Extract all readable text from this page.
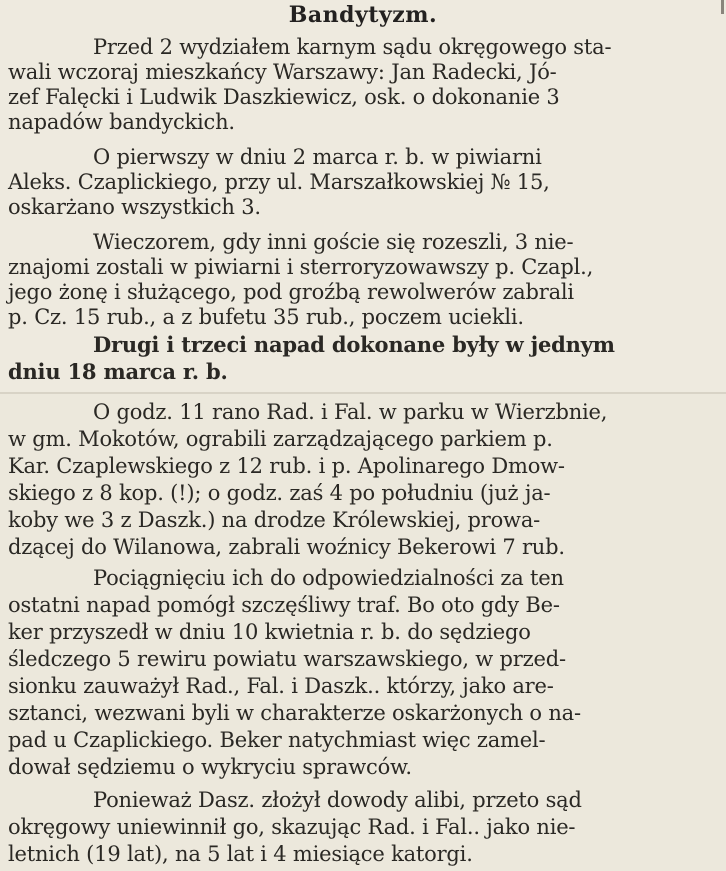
Bandytyzm.
Przed 2 wydziałem karnym sądu okręgowego sta-
wali wczoraj mieszkańcy Warszawy: Jan Radecki, Jó-
zef Falęcki i Ludwik Daszkiewicz, osk. o dokonanie 3
napadów bandyckich.
O pierwszy w dniu 2 marca r. b. w piwiarni
Aleks. Czaplickiego, przy ul. Marszałkowskiej № 15,
oskarżano wszystkich 3.
Wieczorem, gdy inni goście się rozeszli, 3 nie-
znajomi zostali w piwiarni i sterroryzowawszy p. Czapl.,
jego żonę i służącego, pod groźbą rewolwerów zabrali
p. Cz. 15 rub., a z bufetu 35 rub., poczem uciekli.
Drugi i trzeci napad dokonane były w jednym
dniu 18 marca r. b.
O godz. 11 rano Rad. i Fal. w parku w Wierzbnie,
w gm. Mokotów, ograbili zarządzającego parkiem p.
Kar. Czaplewskiego z 12 rub. i p. Apolinarego Dmow-
skiego z 8 kop. (!); o godz. zaś 4 po południu (już ja-
koby we 3 z Daszk.) na drodze Królewskiej, prowa-
dzącej do Wilanowa, zabrali woźnicy Bekerowi 7 rub.
Pociągnięciu ich do odpowiedzialności za ten
ostatni napad pomógł szczęśliwy traf. Bo oto gdy Be-
ker przyszedł w dniu 10 kwietnia r. b. do sędziego
śledczego 5 rewiru powiatu warszawskiego, w przed-
sionku zauważył Rad., Fal. i Daszk.. którzy, jako are-
sztanci, wezwani byli w charakterze oskarżonych o na-
pad u Czaplickiego. Beker natychmiast więc zamel-
dował sędziemu o wykryciu sprawców.
Ponieważ Dasz. złożył dowody alibi, przeto sąd
okręgowy uniewinnił go, skazując Rad. i Fal.. jako nie-
letnich (19 lat), na 5 lat i 4 miesiące katorgi.
